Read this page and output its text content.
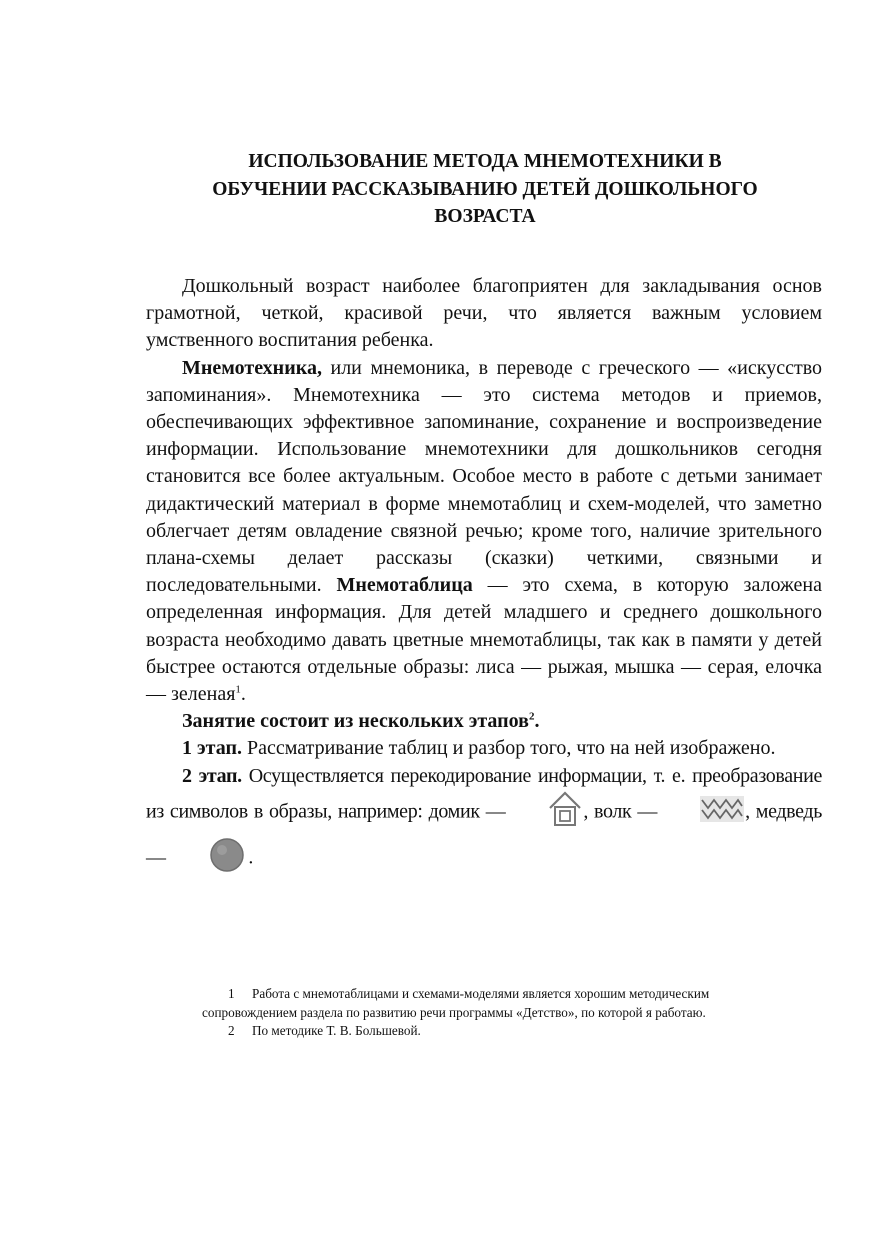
ИСПОЛЬЗОВАНИЕ МЕТОДА МНЕМОТЕХНИКИ В
ОБУЧЕНИИ РАССКАЗЫВАНИЮ ДЕТЕЙ ДОШКОЛЬНОГО
ВОЗРАСТА

Дошкольный возраст наиболее благоприятен для закладывания основ грамотной, четкой, красивой речи, что является важным условием умственного воспитания ребенка.

Мнемотехника, или мнемоника, в переводе с греческого — «искусство запоминания». Мнемотехника — это система методов и приемов, обеспечивающих эффективное запоминание, сохранение и воспроизведение информации. Использование мнемотехники для дошкольников сегодня становится все более актуальным. Особое место в работе с детьми занимает дидактический материал в форме мнемотаблиц и схем-моделей, что заметно облегчает детям овладение связной речью; кроме того, наличие зрительного плана-схемы делает рассказы (сказки) четкими, связными и последовательными. Мнемотаблица — это схема, в которую заложена определенная информация. Для детей младшего и среднего дошкольного возраста необходимо давать цветные мнемотаблицы, так как в памяти у детей быстрее остаются отдельные образы: лиса — рыжая, мышка — серая, елочка — зеленая$^1$.

Занятие состоит из нескольких этапов$^2$.

1 этап. Рассматривание таблиц и разбор того, что на ней изображено.

2 этап. Осуществляется перекодирование информации, т. е. преобразование из символов в образы, например: домик —	, волк —	, медведь —	.

1 Работа с мнемотаблицами и схемами-моделями является хорошим методическим

сопровождением раздела по развитию речи программы «Детство», по которой я работаю.

2 По методике Т. В. Большевой.
